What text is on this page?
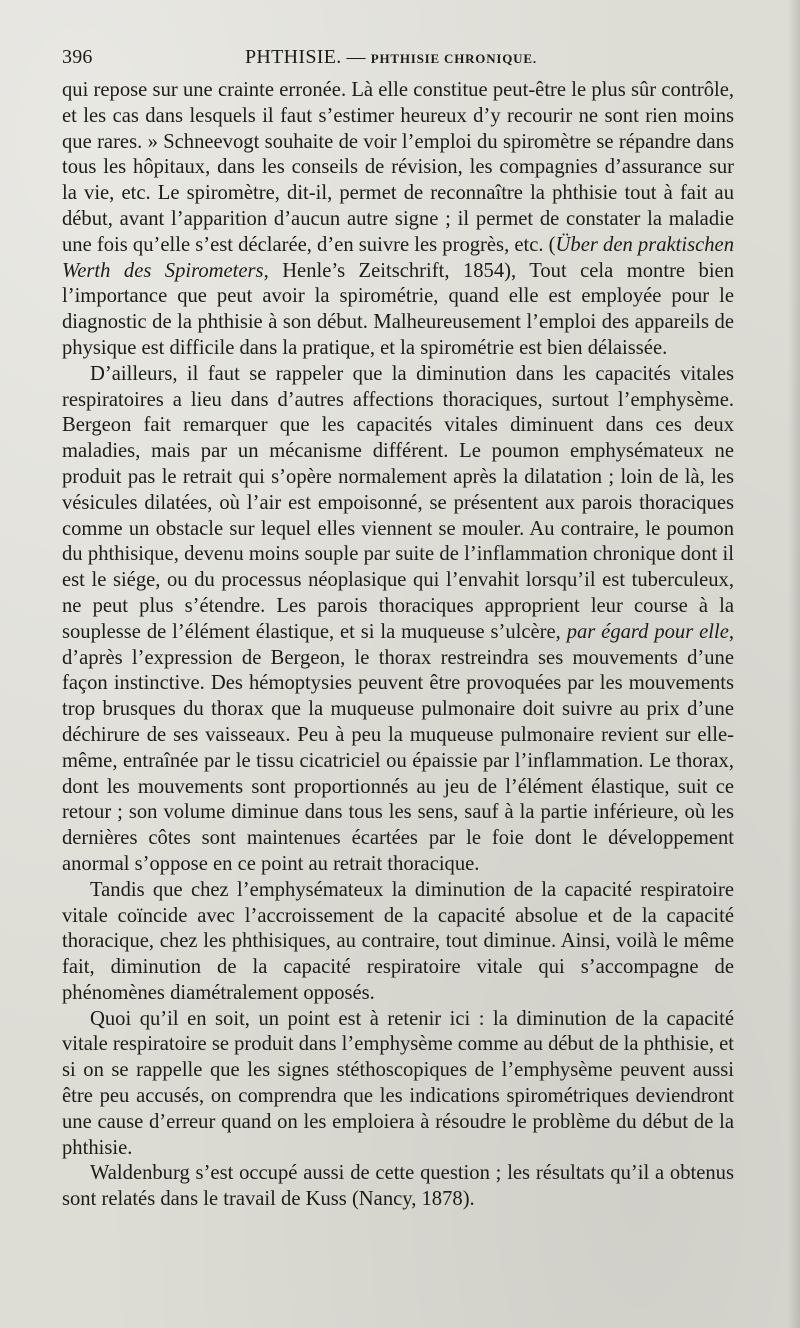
396	PHTHISIE. — PHTHISIE CHRONIQUE.

qui repose sur une crainte erronée. Là elle constitue peut-être le plus sûr contrôle, et les cas dans lesquels il faut s’estimer heureux d’y recourir ne sont rien moins que rares. » Schneevogt souhaite de voir l’emploi du spiromètre se répandre dans tous les hôpitaux, dans les conseils de révision, les compagnies d’assurance sur la vie, etc. Le spiromètre, dit-il, permet de reconnaître la phthisie tout à fait au début, avant l’apparition d’aucun autre signe ; il permet de constater la maladie une fois qu’elle s’est déclarée, d’en suivre les progrès, etc. (Über den praktischen Werth des Spirometers, Henle’s Zeitschrift, 1854), Tout cela montre bien l’importance que peut avoir la spirométrie, quand elle est employée pour le diagnostic de la phthisie à son début. Malheureusement l’emploi des appareils de physique est difficile dans la pratique, et la spirométrie est bien délaissée.

D’ailleurs, il faut se rappeler que la diminution dans les capacités vitales respiratoires a lieu dans d’autres affections thoraciques, surtout l’emphysème. Bergeon fait remarquer que les capacités vitales diminuent dans ces deux maladies, mais par un mécanisme différent. Le poumon emphysémateux ne produit pas le retrait qui s’opère normalement après la dilatation ; loin de là, les vésicules dilatées, où l’air est empoisonné, se présentent aux parois thoraciques comme un obstacle sur lequel elles viennent se mouler. Au contraire, le poumon du phthisique, devenu moins souple par suite de l’inflammation chronique dont il est le siége, ou du processus néoplasique qui l’envahit lorsqu’il est tuberculeux, ne peut plus s’étendre. Les parois thoraciques approprient leur course à la souplesse de l’élément élastique, et si la muqueuse s’ulcère, par égard pour elle, d’après l’expression de Bergeon, le thorax restreindra ses mouvements d’une façon instinctive. Des hémoptysies peuvent être provoquées par les mouvements trop brusques du thorax que la muqueuse pulmonaire doit suivre au prix d’une déchirure de ses vaisseaux. Peu à peu la muqueuse pulmonaire revient sur elle-même, entraînée par le tissu cicatriciel ou épaissie par l’inflammation. Le thorax, dont les mouvements sont proportionnés au jeu de l’élément élastique, suit ce retour ; son volume diminue dans tous les sens, sauf à la partie inférieure, où les dernières côtes sont maintenues écartées par le foie dont le développement anormal s’oppose en ce point au retrait thoracique.

Tandis que chez l’emphysémateux la diminution de la capacité respiratoire vitale coïncide avec l’accroissement de la capacité absolue et de la capacité thoracique, chez les phthisiques, au contraire, tout diminue. Ainsi, voilà le même fait, diminution de la capacité respiratoire vitale qui s’accompagne de phénomènes diamétralement opposés.

Quoi qu’il en soit, un point est à retenir ici : la diminution de la capacité vitale respiratoire se produit dans l’emphysème comme au début de la phthisie, et si on se rappelle que les signes stéthoscopiques de l’emphysème peuvent aussi être peu accusés, on comprendra que les indications spirométriques deviendront une cause d’erreur quand on les emploiera à résoudre le problème du début de la phthisie.

Waldenburg s’est occupé aussi de cette question ; les résultats qu’il a obtenus sont relatés dans le travail de Kuss (Nancy, 1878).
